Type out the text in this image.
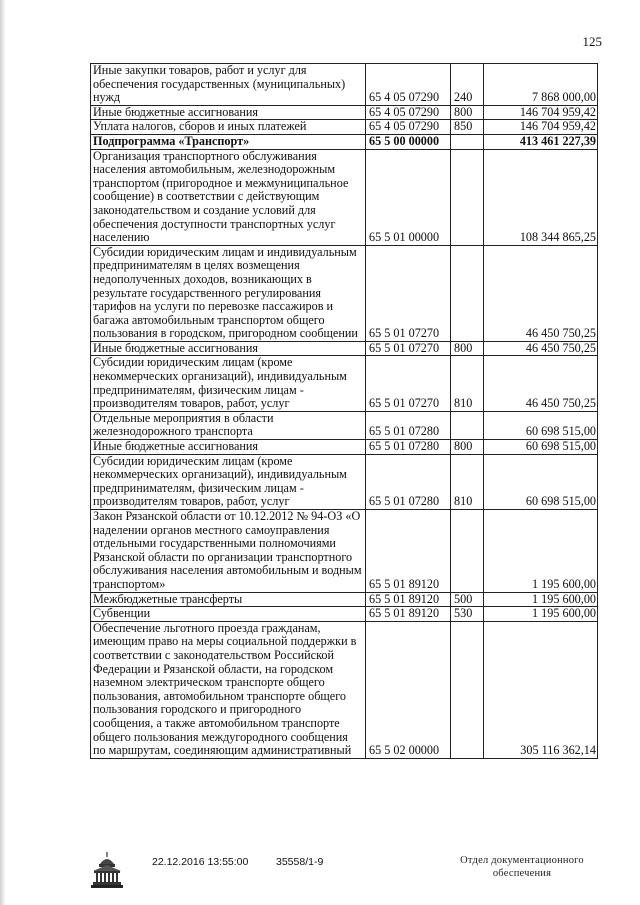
125
Иные закупки товаров, работ и услуг для обеспечения государственных (муниципальных) нужд	65 4 05 07290	240	7 868 000,00
Иные бюджетные ассигнования	65 4 05 07290	800	146 704 959,42
Уплата налогов, сборов и иных платежей	65 4 05 07290	850	146 704 959,42
Подпрограмма «Транспорт»	65 5 00 00000		413 461 227,39
Организация транспортного обслуживания населения автомобильным, железнодорожным транспортом (пригородное и межмуниципальное сообщение) в соответствии с действующим законодательством и создание условий для обеспечения доступности транспортных услуг населению	65 5 01 00000		108 344 865,25
Субсидии юридическим лицам и индивидуальным предпринимателям в целях возмещения недополученных доходов, возникающих в результате государственного регулирования тарифов на услуги по перевозке пассажиров и багажа автомобильным транспортом общего пользования в городском, пригородном сообщении	65 5 01 07270		46 450 750,25
Иные бюджетные ассигнования	65 5 01 07270	800	46 450 750,25
Субсидии юридическим лицам (кроме некоммерческих организаций), индивидуальным предпринимателям, физическим лицам - производителям товаров, работ, услуг	65 5 01 07270	810	46 450 750,25
Отдельные мероприятия в области железнодорожного транспорта	65 5 01 07280		60 698 515,00
Иные бюджетные ассигнования	65 5 01 07280	800	60 698 515,00
Субсидии юридическим лицам (кроме некоммерческих организаций), индивидуальным предпринимателям, физическим лицам - производителям товаров, работ, услуг	65 5 01 07280	810	60 698 515,00
Закон Рязанской области от 10.12.2012 № 94-ОЗ «О наделении органов местного самоуправления отдельными государственными полномочиями Рязанской области по организации транспортного обслуживания населения автомобильным и водным транспортом»	65 5 01 89120		1 195 600,00
Межбюджетные трансферты	65 5 01 89120	500	1 195 600,00
Субвенции	65 5 01 89120	530	1 195 600,00
Обеспечение льготного проезда гражданам, имеющим право на меры социальной поддержки в соответствии с законодательством Российской Федерации и Рязанской области, на городском наземном электрическом транспорте общего пользования, автомобильном транспорте общего пользования городского и пригородного сообщения, а также автомобильном транспорте общего пользования междугородного сообщения по маршрутам, соединяющим административный	65 5 02 00000		305 116 362,14
22.12.2016 13:55:00	35558/1-9	Отдел документационного
обеспечения
